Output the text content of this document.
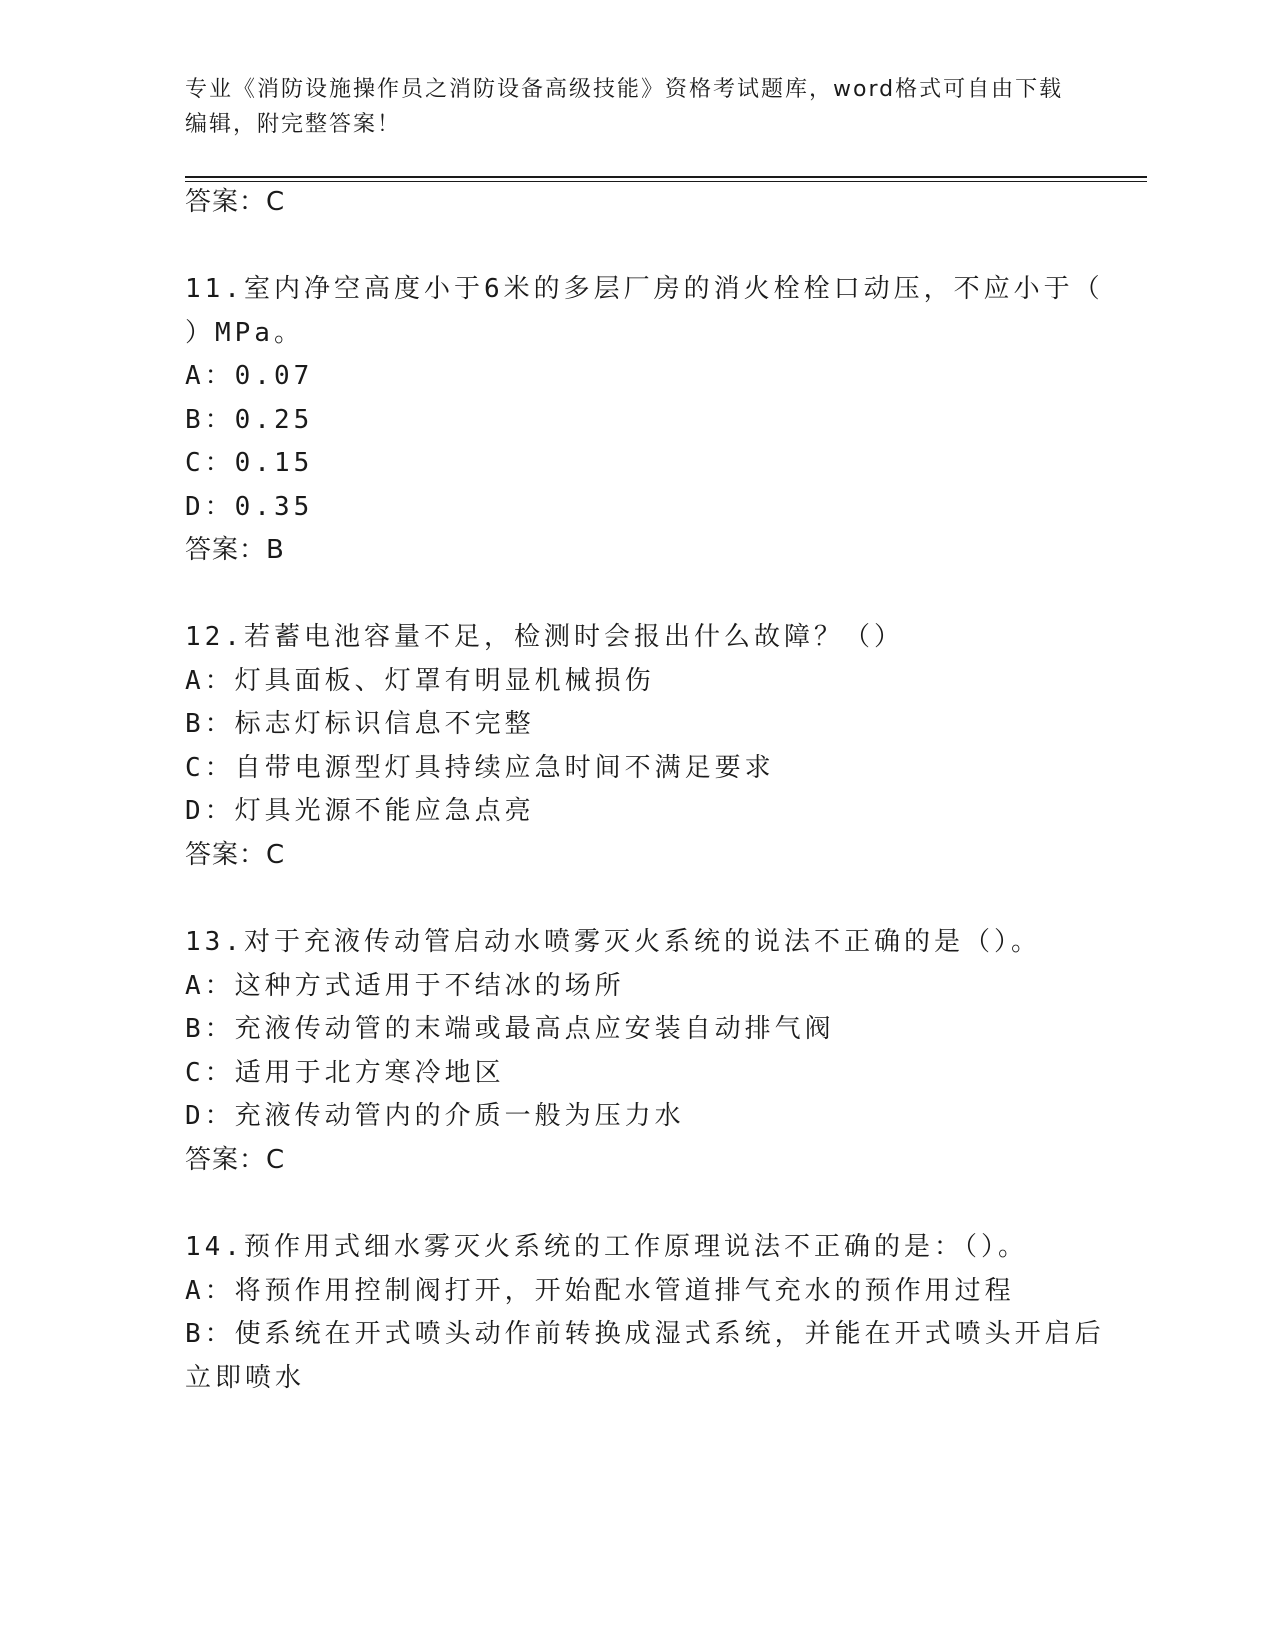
专业《消防设施操作员之消防设备高级技能》资格考试题库，word格式可自由下载编辑，附完整答案！
答案：C
11.室内净空高度小于6米的多层厂房的消火栓栓口动压，不应小于（
）MPa。
A：0.07
B：0.25
C：0.15
D：0.35
答案：B
12.若蓄电池容量不足，检测时会报出什么故障？（）
A：灯具面板、灯罩有明显机械损伤
B：标志灯标识信息不完整
C：自带电源型灯具持续应急时间不满足要求
D：灯具光源不能应急点亮
答案：C
13.对于充液传动管启动水喷雾灭火系统的说法不正确的是（）。
A：这种方式适用于不结冰的场所
B：充液传动管的末端或最高点应安装自动排气阀
C：适用于北方寒冷地区
D：充液传动管内的介质一般为压力水
答案：C
14.预作用式细水雾灭火系统的工作原理说法不正确的是：（）。
A：将预作用控制阀打开，开始配水管道排气充水的预作用过程
B：使系统在开式喷头动作前转换成湿式系统，并能在开式喷头开启后
立即喷水
